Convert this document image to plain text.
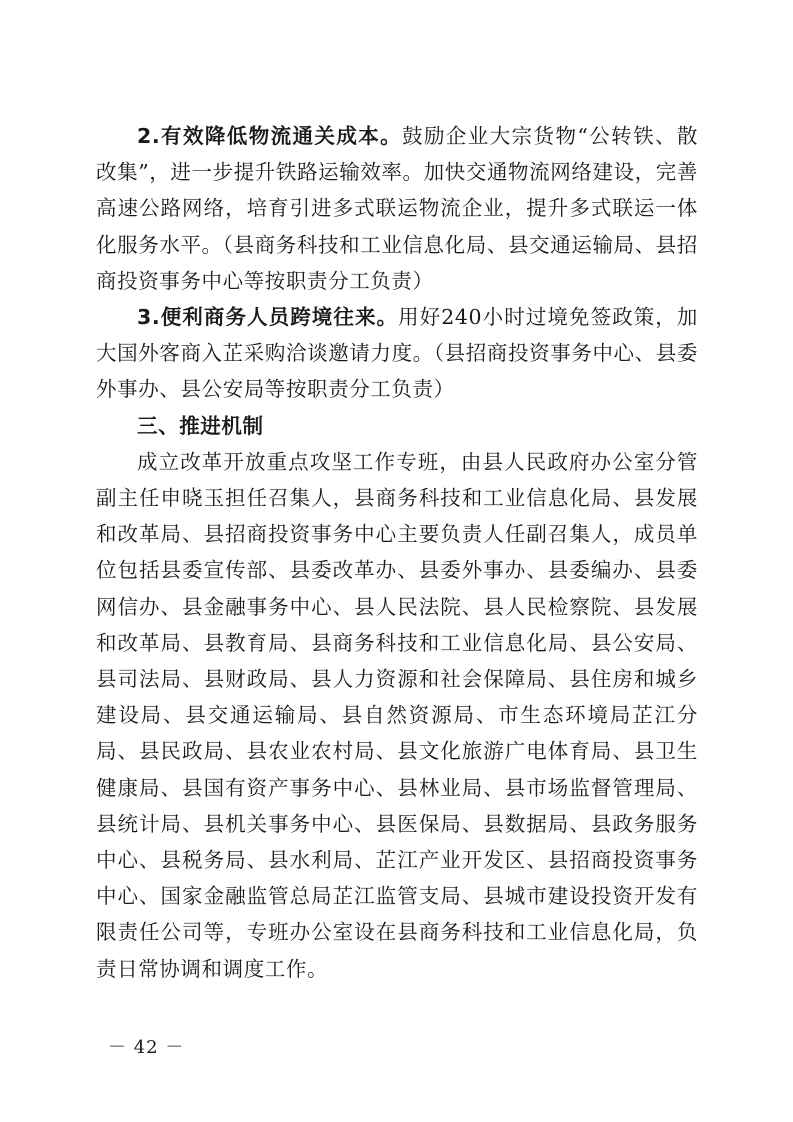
2.有效降低物流通关成本。鼓励企业大宗货物“公转铁、散改集”，进一步提升铁路运输效率。加快交通物流网络建设，完善高速公路网络，培育引进多式联运物流企业，提升多式联运一体化服务水平。（县商务科技和工业信息化局、县交通运输局、县招商投资事务中心等按职责分工负责）

3.便利商务人员跨境往来。用好240小时过境免签政策，加大国外客商入芷采购洽谈邀请力度。（县招商投资事务中心、县委外事办、县公安局等按职责分工负责）

三、推进机制

成立改革开放重点攻坚工作专班，由县人民政府办公室分管副主任申晓玉担任召集人，县商务科技和工业信息化局、县发展和改革局、县招商投资事务中心主要负责人任副召集人，成员单位包括县委宣传部、县委改革办、县委外事办、县委编办、县委网信办、县金融事务中心、县人民法院、县人民检察院、县发展和改革局、县教育局、县商务科技和工业信息化局、县公安局、县司法局、县财政局、县人力资源和社会保障局、县住房和城乡建设局、县交通运输局、县自然资源局、市生态环境局芷江分局、县民政局、县农业农村局、县文化旅游广电体育局、县卫生健康局、县国有资产事务中心、县林业局、县市场监督管理局、县统计局、县机关事务中心、县医保局、县数据局、县政务服务中心、县税务局、县水利局、芷江产业开发区、县招商投资事务中心、国家金融监管总局芷江监管支局、县城市建设投资开发有限责任公司等，专班办公室设在县商务科技和工业信息化局，负责日常协调和调度工作。

－ 42 －
